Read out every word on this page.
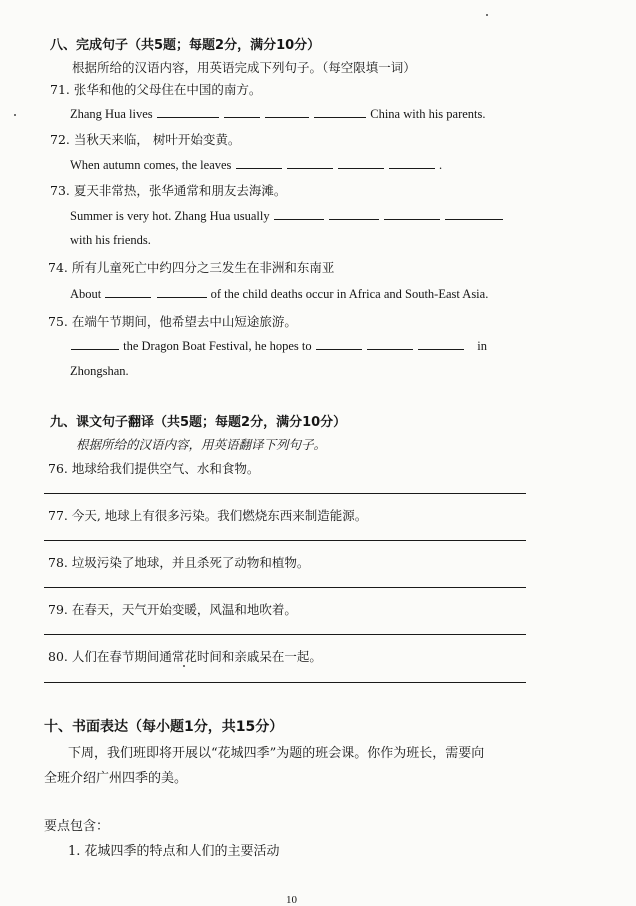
八、完成句子（共5题；每题2分，满分10分）
根据所给的汉语内容，用英语完成下列句子。（每空限填一词）
71. 张华和他的父母住在中国的南方。
Zhang Hua lives	China with his parents.
72. 当秋天来临， 树叶开始变黄。
When autumn comes, the leaves	.
73. 夏天非常热，张华通常和朋友去海滩。
Summer is very hot. Zhang Hua usually
with his friends.
74. 所有儿童死亡中约四分之三发生在非洲和东南亚
About	of the child deaths occur in Africa and South-East Asia.
75. 在端午节期间，他希望去中山短途旅游。
the Dragon Boat Festival, he hopes to	in
Zhongshan.
九、课文句子翻译（共5题；每题2分，满分10分）
根据所给的汉语内容，用英语翻译下列句子。
76. 地球给我们提供空气、水和食物。
77. 今天, 地球上有很多污染。我们燃烧东西来制造能源。
78. 垃圾污染了地球，并且杀死了动物和植物。
79. 在春天，天气开始变暖，风温和地吹着。
80. 人们在春节期间通常花时间和亲戚呆在一起。
十、书面表达（每小题1分，共15分）
下周，我们班即将开展以“花城四季”为题的班会课。你作为班长，需要向
全班介绍广州四季的美。
要点包含：
1. 花城四季的特点和人们的主要活动
10
